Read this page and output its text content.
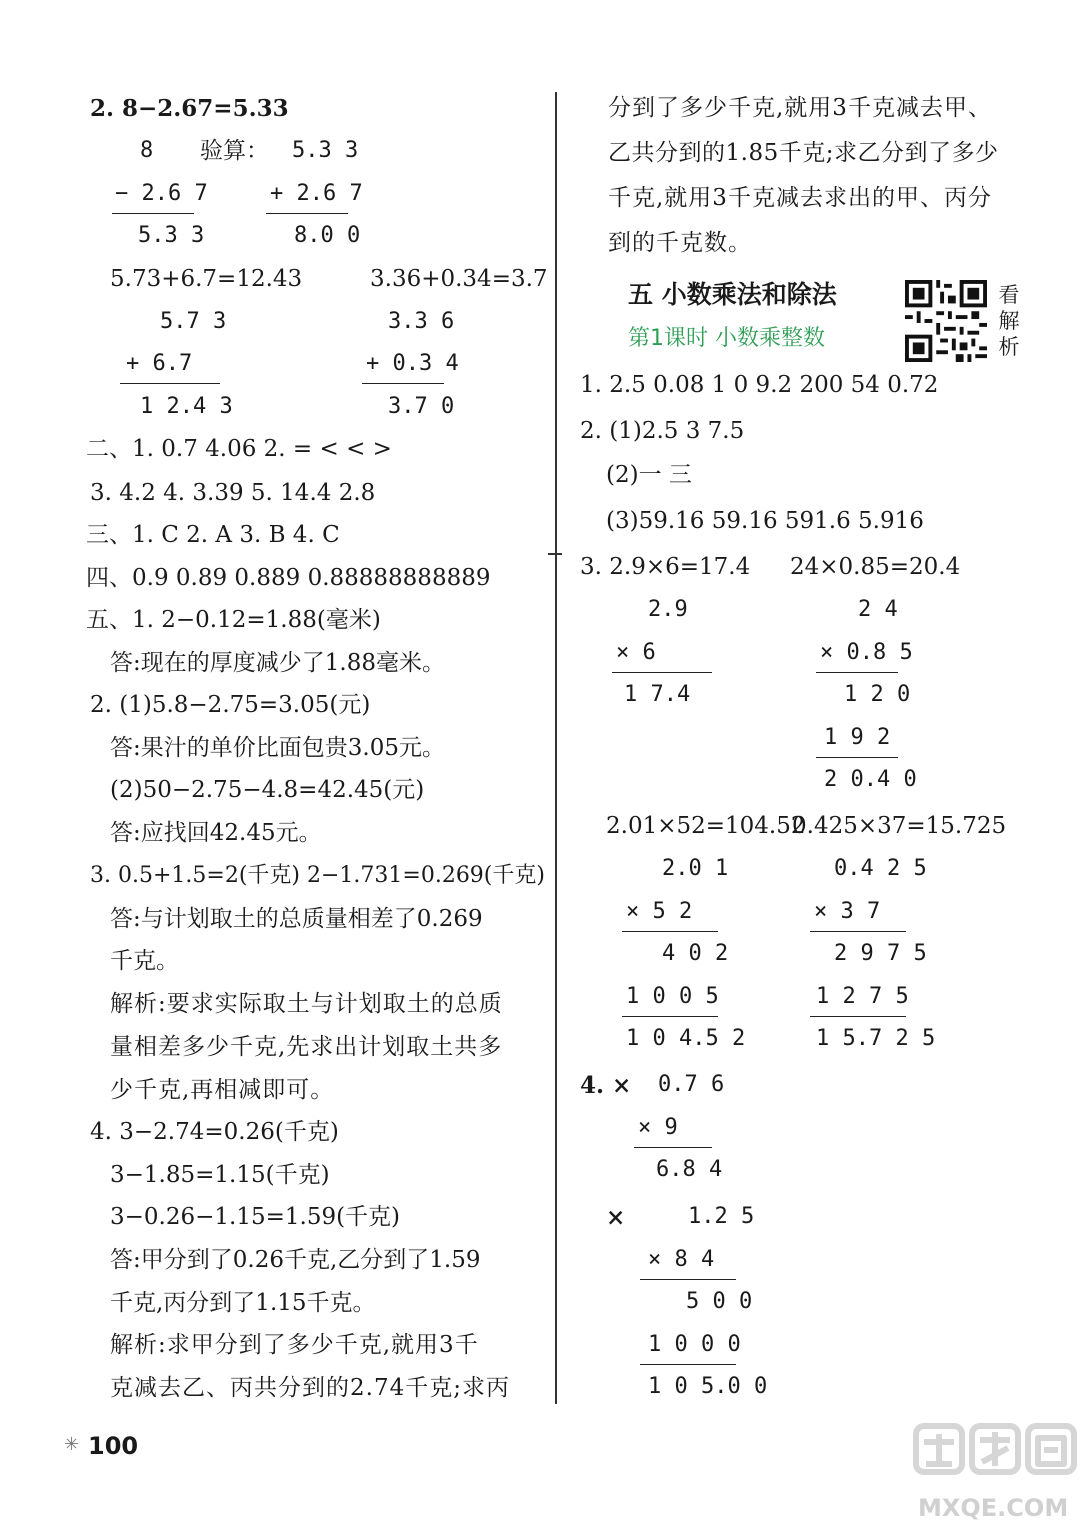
2. 8−2.67=5.33
8 验算： 5.3 3
− 2.6 7	+ 2.6 7
5.3 3	8.0 0
5.73+6.7=12.43	3.36+0.34=3.7
5.7 3	3.3 6
+ 6.7	+ 0.3 4
1 2.4 3	3.7 0
二、1. 0.7 4.06 2. = < < >
3. 4.2 4. 3.39 5. 14.4 2.8
三、1. C 2. A 3. B 4. C
四、0.9 0.89 0.889 0.88888888889
五、1. 2−0.12=1.88(毫米)
答:现在的厚度减少了1.88毫米。
2. (1)5.8−2.75=3.05(元)
答:果汁的单价比面包贵3.05元。
(2)50−2.75−4.8=42.45(元)
答:应找回42.45元。
3. 0.5+1.5=2(千克) 2−1.731=0.269(千克)
答:与计划取土的总质量相差了0.269
千克。
解析:要求实际取土与计划取土的总质
量相差多少千克,先求出计划取土共多
少千克,再相减即可。
4. 3−2.74=0.26(千克)
3−1.85=1.15(千克)
3−0.26−1.15=1.59(千克)
答:甲分到了0.26千克,乙分到了1.59
千克,丙分到了1.15千克。
解析:求甲分到了多少千克,就用3千
克减去乙、丙共分到的2.74千克;求丙
分到了多少千克,就用3千克减去甲、
乙共分到的1.85千克;求乙分到了多少
千克,就用3千克减去求出的甲、丙分
到的千克数。
五 小数乘法和除法
第1课时 小数乘整数
看解析
1. 2.5 0.08 1 0 9.2 200 54 0.72
2. (1)2.5 3 7.5
(2)一 三
(3)59.16 59.16 591.6 5.916
3. 2.9×6=17.4 24×0.85=20.4
2.9
× 6
1 7.4
2 4
× 0.8 5
1 2 0
1 9 2
2 0.4 0
2.01×52=104.52
0.425×37=15.725
2.0 1
× 5 2
4 0 2
1 0 0 5
1 0 4.5 2
0.4 2 5
× 3 7
2 9 7 5
1 2 7 5
1 5.7 2 5
4. × 0.7 6
× 9
6.8 4
×	1.2 5
× 8 4
5 0 0
1 0 0 0
1 0 5.0 0
✳ 100
MXQE.COM
